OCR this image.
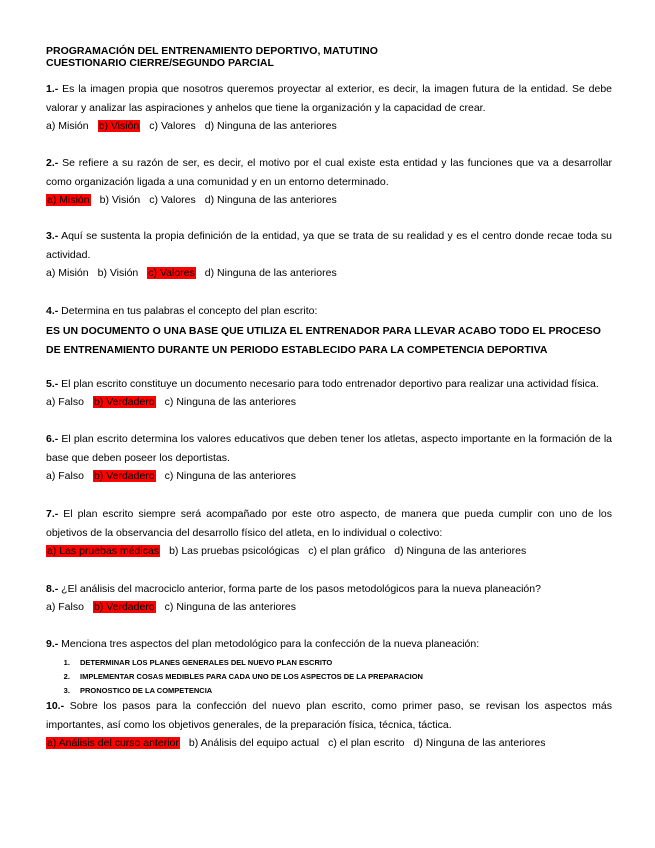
PROGRAMACIÓN DEL ENTRENAMIENTO DEPORTIVO, MATUTINO
CUESTIONARIO CIERRE/SEGUNDO PARCIAL
1.- Es la imagen propia que nosotros queremos proyectar al exterior, es decir, la imagen futura de la entidad. Se debe valorar y analizar las aspiraciones y anhelos que tiene la organización y la capacidad de crear.
a) Misión b) Visión c) Valores d) Ninguna de las anteriores
2.- Se refiere a su razón de ser, es decir, el motivo por el cual existe esta entidad y las funciones que va a desarrollar como organización ligada a una comunidad y en un entorno determinado.
a) Misión b) Visión c) Valores d) Ninguna de las anteriores
3.- Aquí se sustenta la propia definición de la entidad, ya que se trata de su realidad y es el centro donde recae toda su actividad.
a) Misión b) Visión c) Valores d) Ninguna de las anteriores
4.- Determina en tus palabras el concepto del plan escrito:
ES UN DOCUMENTO O UNA BASE QUE UTILIZA EL ENTRENADOR PARA LLEVAR ACABO TODO EL PROCESO DE ENTRENAMIENTO DURANTE UN PERIODO ESTABLECIDO PARA LA COMPETENCIA DEPORTIVA
5.- El plan escrito constituye un documento necesario para todo entrenador deportivo para realizar una actividad física.
a) Falso b) Verdadero c) Ninguna de las anteriores
6.- El plan escrito determina los valores educativos que deben tener los atletas, aspecto importante en la formación de la base que deben poseer los deportistas.
a) Falso b) Verdadero c) Ninguna de las anteriores
7.- El plan escrito siempre será acompañado por este otro aspecto, de manera que pueda cumplir con uno de los objetivos de la observancia del desarrollo físico del atleta, en lo individual o colectivo:
a) Las pruebas médicas b) Las pruebas psicológicas c) el plan gráfico d) Ninguna de las anteriores
8.- ¿El análisis del macrociclo anterior, forma parte de los pasos metodológicos para la nueva planeación?
a) Falso b) Verdadero c) Ninguna de las anteriores
9.- Menciona tres aspectos del plan metodológico para la confección de la nueva planeación:
1. DETERMINAR LOS PLANES GENERALES DEL NUEVO PLAN ESCRITO
2. IMPLEMENTAR COSAS MEDIBLES PARA CADA UNO DE LOS ASPECTOS DE LA PREPARACION
3. PRONOSTICO DE LA COMPETENCIA
10.- Sobre los pasos para la confección del nuevo plan escrito, como primer paso, se revisan los aspectos más importantes, así como los objetivos generales, de la preparación física, técnica, táctica.
a) Análisis del curso anterior b) Análisis del equipo actual c) el plan escrito d) Ninguna de las anteriores
